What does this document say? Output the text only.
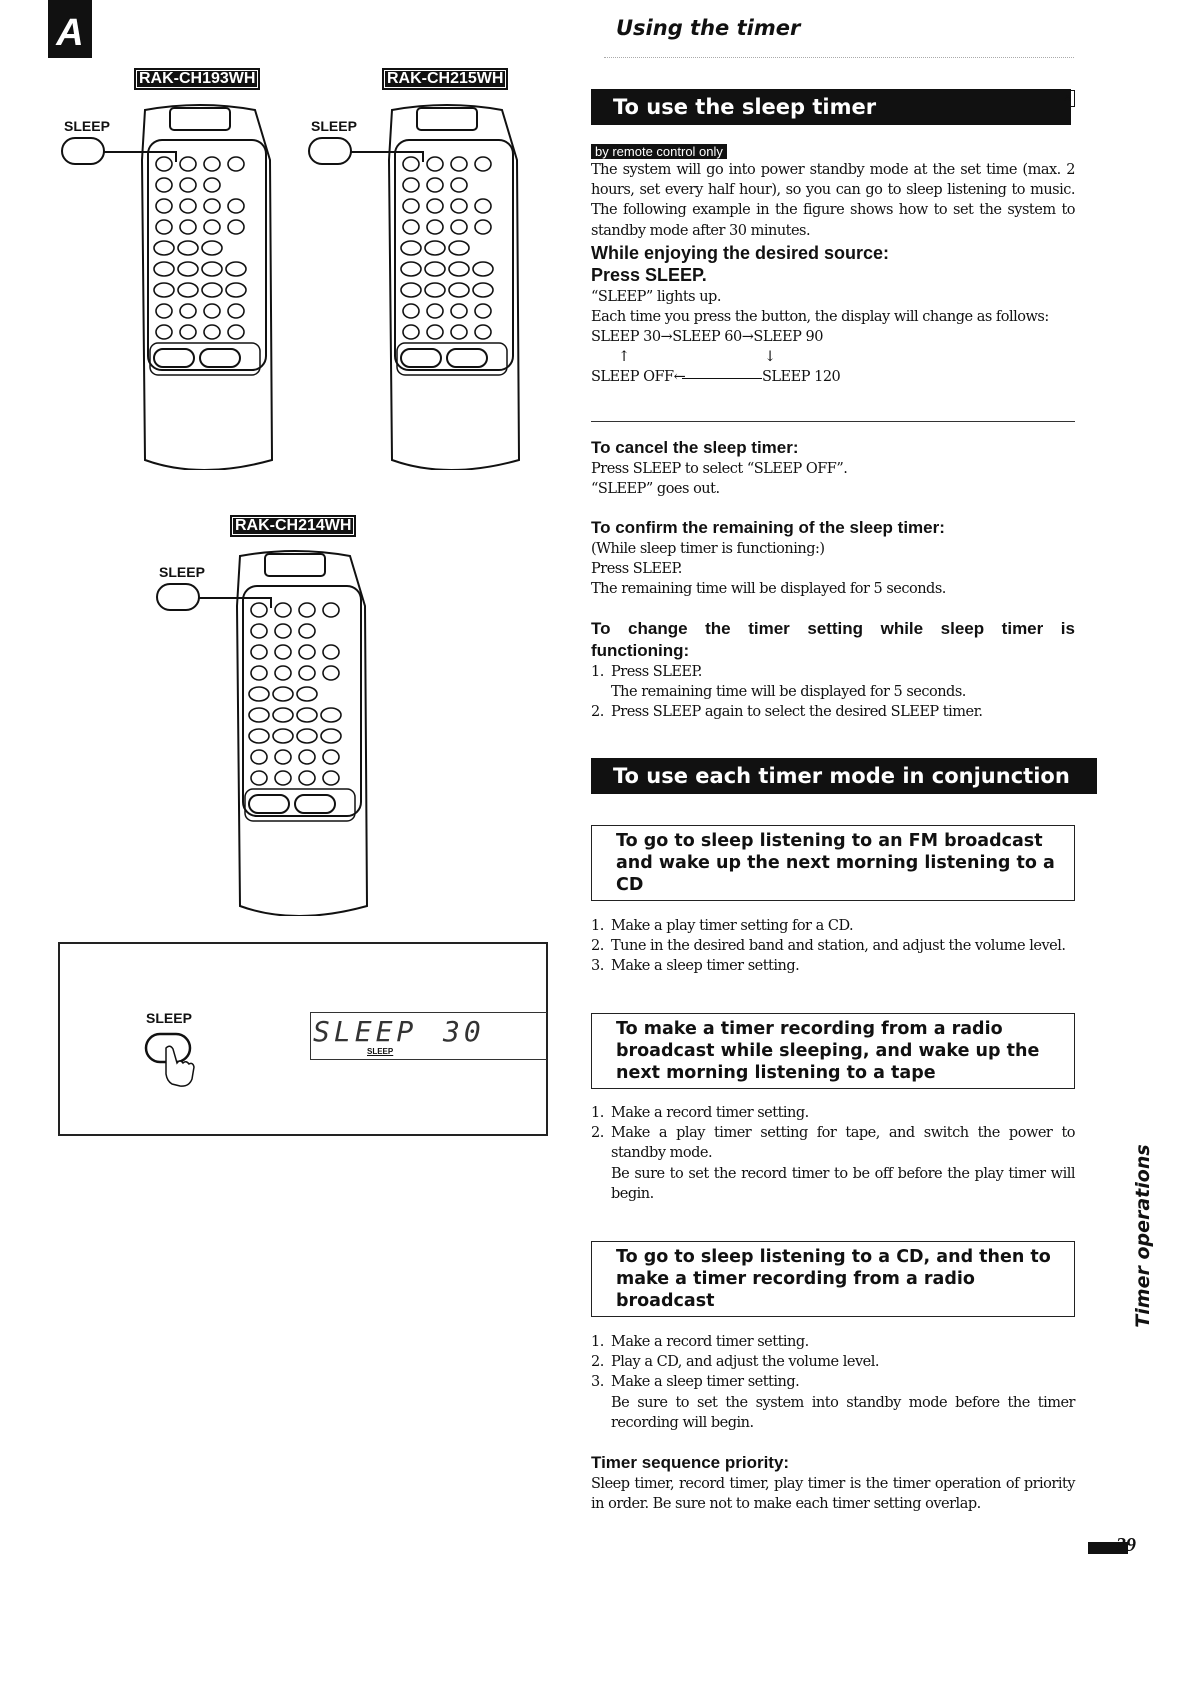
A
RAK-CH193WH	RAK-CH215WH
RAK-CH214WH
SLEEP	SLEEP
SLEEP
SLEEP	SLEEP 30
SLEEP
Using the timer
To use the sleep timer	A
by remote control only
The system will go into power standby mode at the set time (max. 2 hours, set every half hour), so you can go to sleep listening to music. The following example in the figure shows how to set the system to standby mode after 30 minutes.
While enjoying the desired source:
Press SLEEP.
“SLEEP” lights up.
Each time you press the button, the display will change as follows:
SLEEP 30→SLEEP 60→SLEEP 90
↑	↓
SLEEP OFF←	SLEEP 120
To cancel the sleep timer:
Press SLEEP to select “SLEEP OFF”.
“SLEEP” goes out.
To confirm the remaining of the sleep timer:
(While sleep timer is functioning:)
Press SLEEP.
The remaining time will be displayed for 5 seconds.
To change the timer setting while sleep timer is functioning:
1. Press SLEEP.
The remaining time will be displayed for 5 seconds.
2. Press SLEEP again to select the desired SLEEP timer.
To use each timer mode in conjunction
To go to sleep listening to an FM broadcast and wake up the next morning listening to a CD
1. Make a play timer setting for a CD.
2. Tune in the desired band and station, and adjust the volume level.
3. Make a sleep timer setting.
To make a timer recording from a radio broadcast while sleeping, and wake up the next morning listening to a tape
1. Make a record timer setting.
2. Make a play timer setting for tape, and switch the power to standby mode.
Be sure to set the record timer to be off before the play timer will begin.
To go to sleep listening to a CD, and then to make a timer recording from a radio broadcast
1. Make a record timer setting.
2. Play a CD, and adjust the volume level.
3. Make a sleep timer setting.
Be sure to set the system into standby mode before the timer recording will begin.
Timer sequence priority:
Sleep timer, record timer, play timer is the timer operation of priority in order. Be sure not to make each timer setting overlap.
Timer operations
39
